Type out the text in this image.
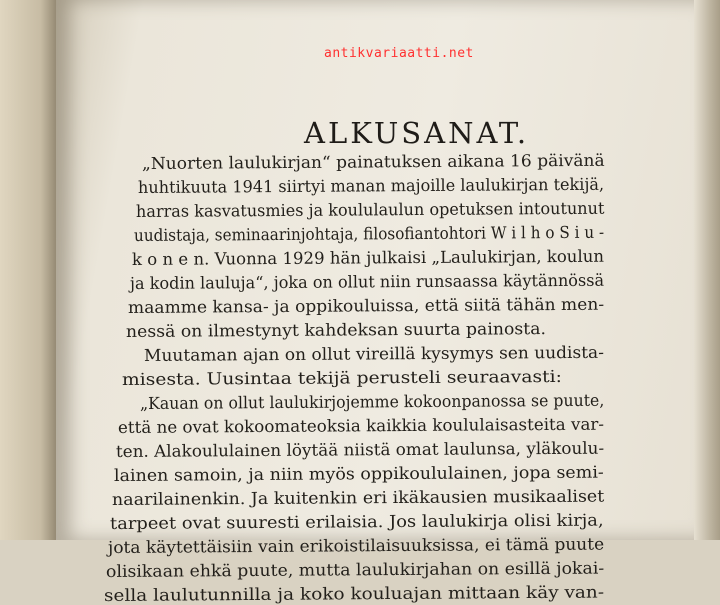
antikvariaatti.net
ALKUSANAT.
„Nuorten laulukirjan“ painatuksen aikana 16 päivänä
huhtikuuta 1941 siirtyi manan majoille laulukirjan tekijä,
harras kasvatusmies ja koululaulun opetuksen intoutunut
uudistaja, seminaarinjohtaja, filosofiantohtori W i l h o S i u -
k o n e n. Vuonna 1929 hän julkaisi „Laulukirjan, koulun
ja kodin lauluja“, joka on ollut niin runsaassa käytännössä
maamme kansa- ja oppikouluissa, että siitä tähän men-
nessä on ilmestynyt kahdeksan suurta painosta.
Muutaman ajan on ollut vireillä kysymys sen uudista-
misesta. Uusintaa tekijä perusteli seuraavasti:
„Kauan on ollut laulukirjojemme kokoonpanossa se puute,
että ne ovat kokoomateoksia kaikkia koululaisasteita var-
ten. Alakoululainen löytää niistä omat laulunsa, yläkoulu-
lainen samoin, ja niin myös oppikoululainen, jopa semi-
naarilainenkin. Ja kuitenkin eri ikäkausien musikaaliset
tarpeet ovat suuresti erilaisia. Jos laulukirja olisi kirja,
jota käytettäisiin vain erikoistilaisuuksissa, ei tämä puute
olisikaan ehkä puute, mutta laulukirjahan on esillä jokai-
sella laulutunnilla ja koko kouluajan mittaan käy van-
